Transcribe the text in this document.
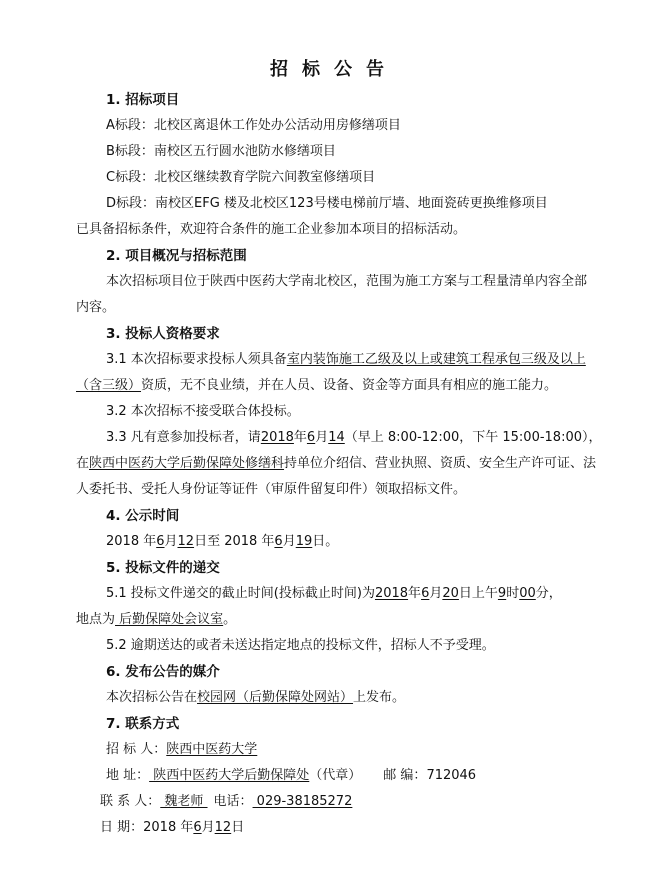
招标公告
1. 招标项目
A标段：北校区离退休工作处办公活动用房修缮项目
B标段：南校区五行圆水池防水修缮项目
C标段：北校区继续教育学院六间教室修缮项目
D标段：南校区EFG 楼及北校区123号楼电梯前厅墙、地面瓷砖更换维修项目
已具备招标条件，欢迎符合条件的施工企业参加本项目的招标活动。
2. 项目概况与招标范围
本次招标项目位于陕西中医药大学南北校区，范围为施工方案与工程量清单内容全部
内容。
3. 投标人资格要求
3.1 本次招标要求投标人须具备室内装饰施工乙级及以上或建筑工程承包三级及以上
（含三级）资质，无不良业绩，并在人员、设备、资金等方面具有相应的施工能力。
3.2 本次招标不接受联合体投标。
3.3 凡有意参加投标者，请2018年6月14（早上 8:00-12:00，下午 15:00-18:00），
在陕西中医药大学后勤保障处修缮科持单位介绍信、营业执照、资质、安全生产许可证、法
人委托书、受托人身份证等证件（审原件留复印件）领取招标文件。
4. 公示时间
2018 年6月12日至 2018 年6月19日。
5. 投标文件的递交
5.1 投标文件递交的截止时间(投标截止时间)为2018年6月20日上午9时00分，
地点为 后勤保障处会议室。
5.2 逾期送达的或者未送达指定地点的投标文件，招标人不予受理。
6. 发布公告的媒介
本次招标公告在校园网（后勤保障处网站）上发布。
7. 联系方式
招 标 人：陕西中医药大学
地 址： 陕西中医药大学后勤保障处（代章） 邮 编：712046
联 系 人： 魏老师 电话： 029-38185272
日 期：2018 年6月12日
